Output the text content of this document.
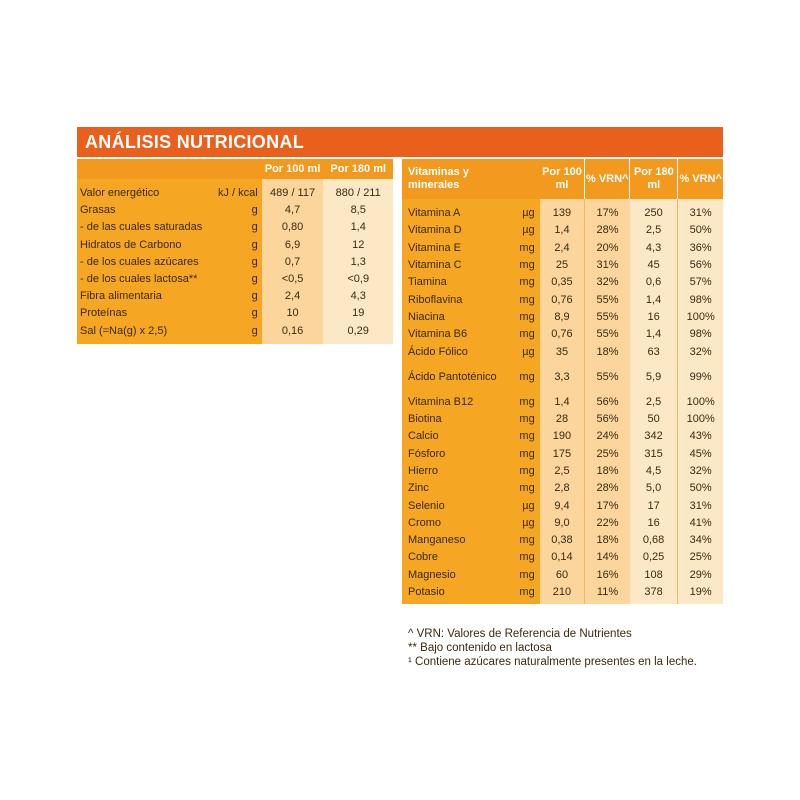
ANÁLISIS NUTRICIONAL
		Por 100 ml	Por 180 ml
Valor energético	kJ / kcal	489 / 117	880 / 211
Grasas	g	4,7	8,5
- de las cuales saturadas	g	0,80	1,4
Hidratos de Carbono	g	6,9	12
- de los cuales azúcares	g	0,7	1,3
- de los cuales lactosa**	g	<0,5	<0,9
Fibra alimentaria	g	2,4	4,3
Proteínas	g	10	19
Sal (=Na(g) x 2,5)	g	0,16	0,29
Vitaminas y minerales		Por 100 ml	% VRN^	Por 180 ml	% VRN^
Vitamina A	µg	139	17%	250	31%
Vitamina D	µg	1,4	28%	2,5	50%
Vitamina E	mg	2,4	20%	4,3	36%
Vitamina C	mg	25	31%	45	56%
Tiamina	mg	0,35	32%	0,6	57%
Riboflavina	mg	0,76	55%	1,4	98%
Niacina	mg	8,9	55%	16	100%
Vitamina B6	mg	0,76	55%	1,4	98%
Ácido Fólico	µg	35	18%	63	32%
Ácido Pantoténico	mg	3,3	55%	5,9	99%
Vitamina B12	mg	1,4	56%	2,5	100%
Biotina	mg	28	56%	50	100%
Calcio	mg	190	24%	342	43%
Fósforo	mg	175	25%	315	45%
Hierro	mg	2,5	18%	4,5	32%
Zinc	mg	2,8	28%	5,0	50%
Selenio	µg	9,4	17%	17	31%
Cromo	µg	9,0	22%	16	41%
Manganeso	mg	0,38	18%	0,68	34%
Cobre	mg	0,14	14%	0,25	25%
Magnesio	mg	60	16%	108	29%
Potasio	mg	210	11%	378	19%
^ VRN: Valores de Referencia de Nutrientes
** Bajo contenido en lactosa
¹ Contiene azúcares naturalmente presentes en la leche.
